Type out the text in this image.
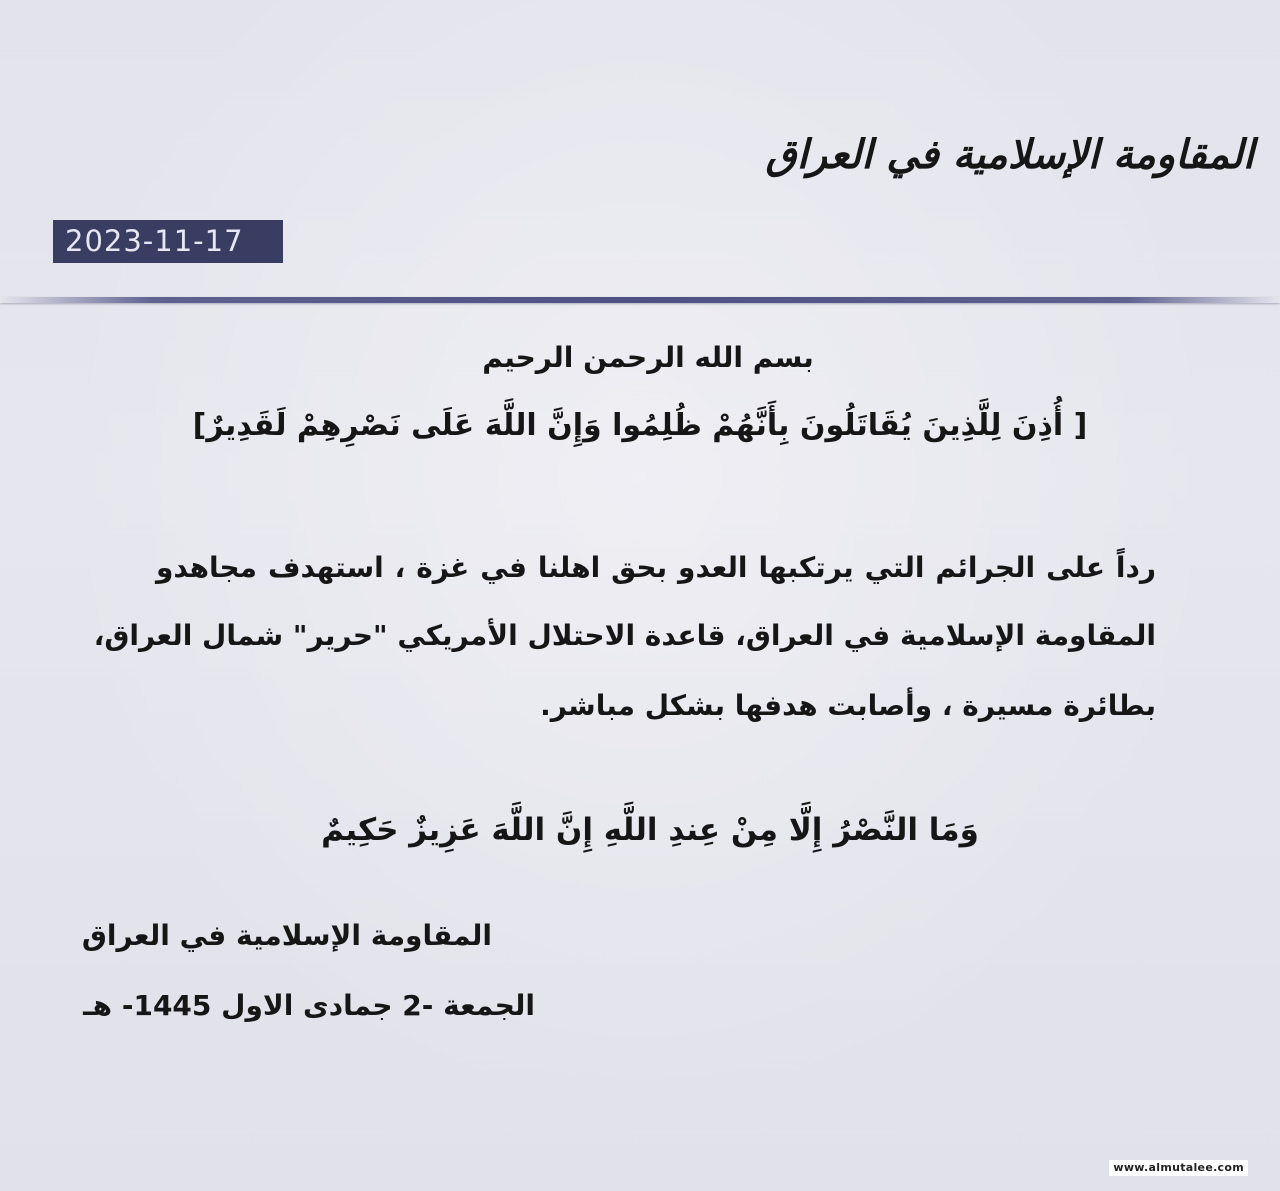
المقاومة الإسلامية في العراق
2023-11-17
بسم الله الرحمن الرحيم
[ أُذِنَ لِلَّذِينَ يُقَاتَلُونَ بِأَنَّهُمْ ظُلِمُوا وَإِنَّ اللَّهَ عَلَى نَصْرِهِمْ لَقَدِيرٌ]
رداً على الجرائم التي يرتكبها العدو بحق اهلنا في غزة ، استهدف مجاهدو
المقاومة الإسلامية في العراق، قاعدة الاحتلال الأمريكي "حرير" شمال العراق،
بطائرة مسيرة ، وأصابت هدفها بشكل مباشر.
وَمَا النَّصْرُ إِلَّا مِنْ عِندِ اللَّهِ إِنَّ اللَّهَ عَزِيزٌ حَكِيمٌ
المقاومة الإسلامية في العراق
الجمعة -2 جمادى الاول 1445- هـ
www.almutalee.com
